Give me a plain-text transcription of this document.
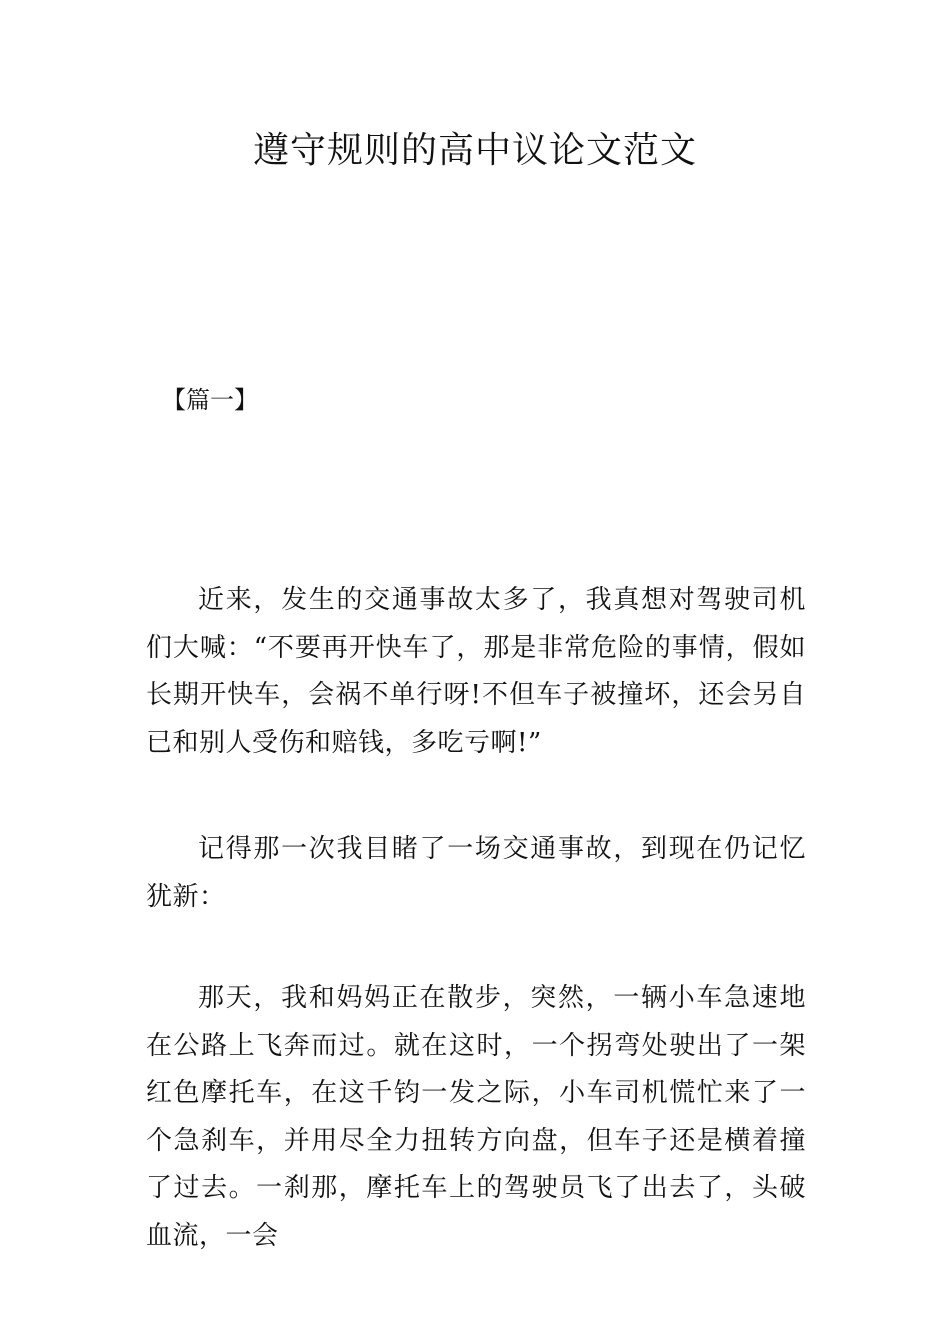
遵守规则的高中议论文范文
【篇一】

近来，发生的交通事故太多了，我真想对驾驶司机们大喊：“不要再开快车了，那是非常危险的事情，假如长期开快车，会祸不单行呀!不但车子被撞坏，还会另自已和别人受伤和赔钱，多吃亏啊!”

记得那一次我目睹了一场交通事故，到现在仍记忆犹新：

那天，我和妈妈正在散步，突然，一辆小车急速地在公路上飞奔而过。就在这时，一个拐弯处驶出了一架红色摩托车，在这千钧一发之际，小车司机慌忙来了一个急刹车，并用尽全力扭转方向盘，但车子还是横着撞了过去。一刹那，摩托车上的驾驶员飞了出去了，头破血流，一会
